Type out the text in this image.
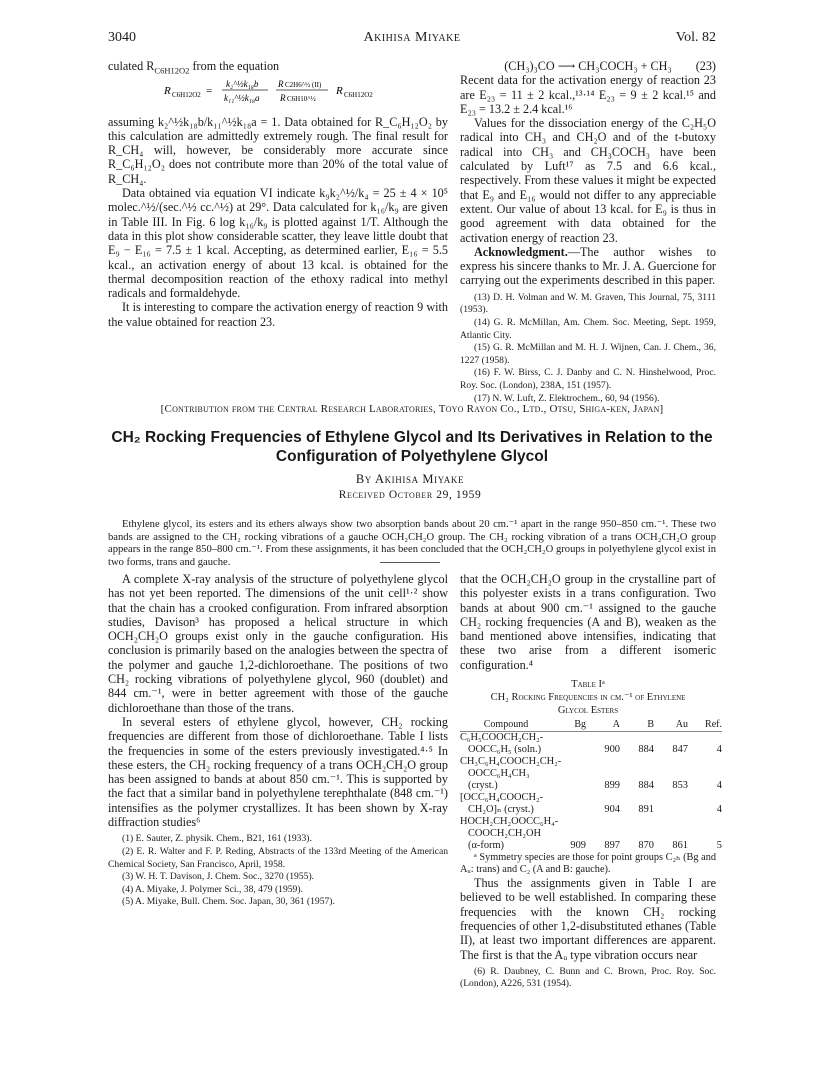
3040	Akihisa Miyake	Vol. 82

culated $R_{C6H12O2}$ from the equation

R C6H12O2 =
k₂^½k₁₈b
k₁₁^½k₁₈a
R C2H6^½ (II)
R C6H10^½
R C6H12O2

assuming k₂^½k₁₈b/k₁₁^½k₁₈a = 1. Data obtained for R_C₆H₁₂O₂ by this calculation are admittedly extremely rough. The final result for R_CH₄ will, however, be considerably more accurate since R_C₆H₁₂O₂ does not contribute more than 20% of the total value of R_CH₄.

Data obtained via equation VI indicate k₉k₂^½/k₄ = 25 ± 4 × 10⁵ molec.^½/(sec.^½ cc.^½) at 29°. Data calculated for k₁₆/k₉ are given in Table III. In Fig. 6 log k₁₆/k₉ is plotted against 1/T. Although the data in this plot show considerable scatter, they leave little doubt that E₉ − E₁₆ = 7.5 ± 1 kcal. Accepting, as determined earlier, E₁₆ = 5.5 kcal., an activation energy of about 13 kcal. is obtained for the thermal decomposition reaction of the ethoxy radical into methyl radicals and formaldehyde.

It is interesting to compare the activation energy of reaction 9 with the value obtained for reaction 23.

(CH₃)₃CO ⟶ CH₃COCH₃ + CH₃ (23)

Recent data for the activation energy of reaction 23 are E₂₃ = 11 ± 2 kcal.,¹³·¹⁴ E₂₃ = 9 ± 2 kcal.¹⁵ and E₂₃ = 13.2 ± 2.4 kcal.¹⁶

Values for the dissociation energy of the C₂H₅O radical into CH₃ and CH₂O and of the t-butoxy radical into CH₃ and CH₃COCH₃ have been calculated by Luft¹⁷ as 7.5 and 6.6 kcal., respectively. From these values it might be expected that E₉ and E₁₆ would not differ to any appreciable extent. Our value of about 13 kcal. for E₉ is thus in good agreement with data obtained for the activation energy of reaction 23.

Acknowledgment.—The author wishes to express his sincere thanks to Mr. J. A. Guercione for carrying out the experiments described in this paper.

(13) D. H. Volman and W. M. Graven, This Journal, 75, 3111 (1953).

(14) G. R. McMillan, Am. Chem. Soc. Meeting, Sept. 1959, Atlantic City.

(15) G. R. McMillan and M. H. J. Wijnen, Can. J. Chem., 36, 1227 (1958).

(16) F. W. Birss, C. J. Danby and C. N. Hinshelwood, Proc. Roy. Soc. (London), 238A, 151 (1957).

(17) N. W. Luft, Z. Elektrochem., 60, 94 (1956).

[Contribution from the Central Research Laboratories, Toyo Rayon Co., Ltd., Otsu, Shiga-ken, Japan]
CH₂ Rocking Frequencies of Ethylene Glycol and Its Derivatives in Relation to the
Configuration of Polyethylene Glycol
By Akihisa Miyake
Received October 29, 1959

Ethylene glycol, its esters and its ethers always show two absorption bands about 20 cm.⁻¹ apart in the range 950–850 cm.⁻¹. These two bands are assigned to the CH₂ rocking vibrations of a gauche OCH₂CH₂O group. The CH₂ rocking vibration of a trans OCH₂CH₂O group appears in the range 850–800 cm.⁻¹. From these assignments, it has been concluded that the OCH₂CH₂O groups in polyethylene glycol exist in two forms, trans and gauche.

A complete X-ray analysis of the structure of polyethylene glycol has not yet been reported. The dimensions of the unit cell¹·² show that the chain has a crooked configuration. From infrared absorption studies, Davison³ has proposed a helical structure in which OCH₂CH₂O groups exist only in the gauche configuration. His conclusion is primarily based on the analogies between the spectra of the polymer and gauche 1,2-dichloroethane. The positions of two CH₂ rocking vibrations of polyethylene glycol, 960 (doublet) and 844 cm.⁻¹, were in better agreement with those of the gauche dichloroethane than those of the trans.

In several esters of ethylene glycol, however, CH₂ rocking frequencies are different from those of dichloroethane. Table I lists the frequencies in some of the esters previously investigated.⁴·⁵ In these esters, the CH₂ rocking frequency of a trans OCH₂CH₂O group has been assigned to bands at about 850 cm.⁻¹. This is supported by the fact that a similar band in polyethylene terephthalate (848 cm.⁻¹) intensifies as the polymer crystallizes. It has been shown by X-ray diffraction studies⁶

(1) E. Sauter, Z. physik. Chem., B21, 161 (1933).

(2) E. R. Walter and F. P. Reding, Abstracts of the 133rd Meeting of the American Chemical Society, San Francisco, April, 1958.

(3) W. H. T. Davison, J. Chem. Soc., 3270 (1955).

(4) A. Miyake, J. Polymer Sci., 38, 479 (1959).

(5) A. Miyake, Bull. Chem. Soc. Japan, 30, 361 (1957).

that the OCH₂CH₂O group in the crystalline part of this polyester exists in a trans configuration. Two bands at about 900 cm.⁻¹ assigned to the gauche CH₂ rocking frequencies (A and B), weaken as the band mentioned above intensifies, indicating that these two arise from a different isomeric configuration.⁴

Table Iᵃ
CH₂ Rocking Frequencies in cm.⁻¹ of Ethylene
Glycol Esters
Compound	Bg	A	B	Au	Ref.
C₆H₅COOCH₂CH₂-					
OOCC₆H₅ (soln.)		900	884	847	4
CH₃C₆H₄COOCH₂CH₂-					
OOCC₆H₄CH₃ (cryst.)		899	884	853	4
[OCC₆H₄COOCH₂-					
CH₂O]ₙ (cryst.)		904	891		4
HOCH₂CH₂OOCC₆H₄-					
COOCH₂CH₂OH (α-form)	909	897	870	861	5

ᵃ Symmetry species are those for point groups C₂ₕ (Bg and Aᵤ: trans) and C₂ (A and B: gauche).

Thus the assignments given in Table I are believed to be well established. In comparing these frequencies with the known CH₂ rocking frequencies of other 1,2-disubstituted ethanes (Table II), at least two important differences are apparent. The first is that the Aᵤ type vibration occurs near

(6) R. Daubney, C. Bunn and C. Brown, Proc. Roy. Soc. (London), A226, 531 (1954).
